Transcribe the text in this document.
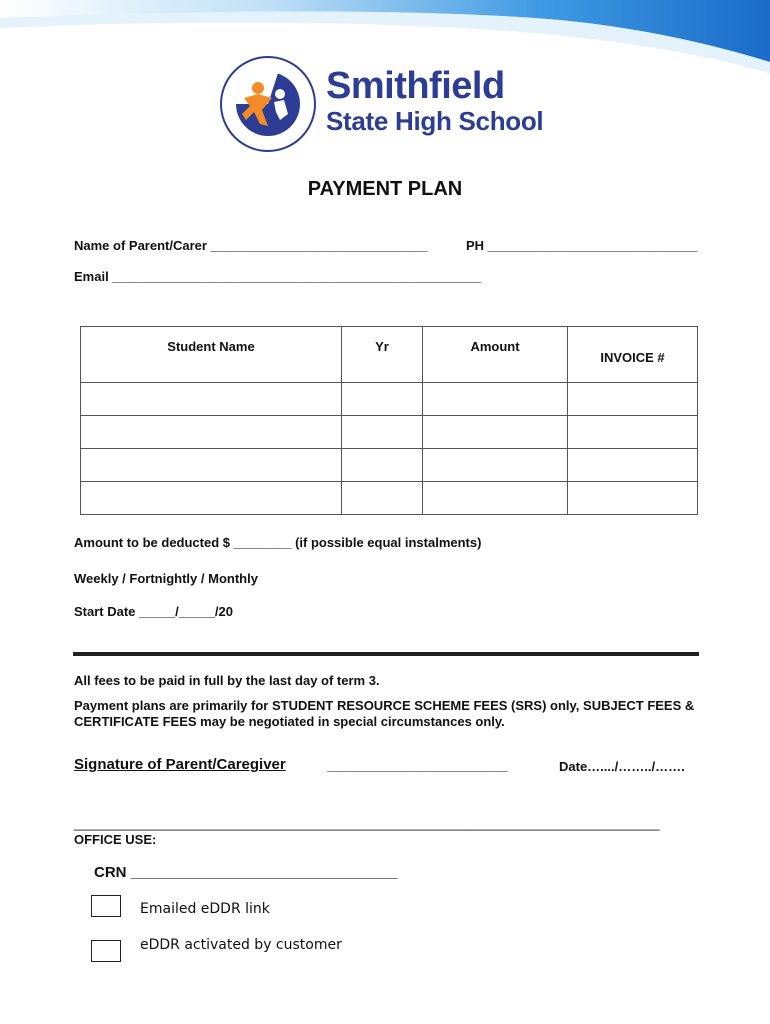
Smithfield
State High School
PAYMENT PLAN
Name of Parent/Carer ______________________________	PH _____________________________
Email ___________________________________________________
Student Name	Yr	Amount	INVOICE #

Amount to be deducted $ ________ (if possible equal instalments)
Weekly / Fortnightly / Monthly
Start Date _____/_____/20
All fees to be paid in full by the last day of term 3.
Payment plans are primarily for STUDENT RESOURCE SCHEME FEES (SRS) only, SUBJECT FEES & CERTIFICATE FEES may be negotiated in special circumstances only.
Signature of Parent/Caregiver	_________________________	Date…..../……../…….
_________________________________________________________________________________
OFFICE USE:
CRN ________________________________
Emailed eDDR link
eDDR activated by customer
